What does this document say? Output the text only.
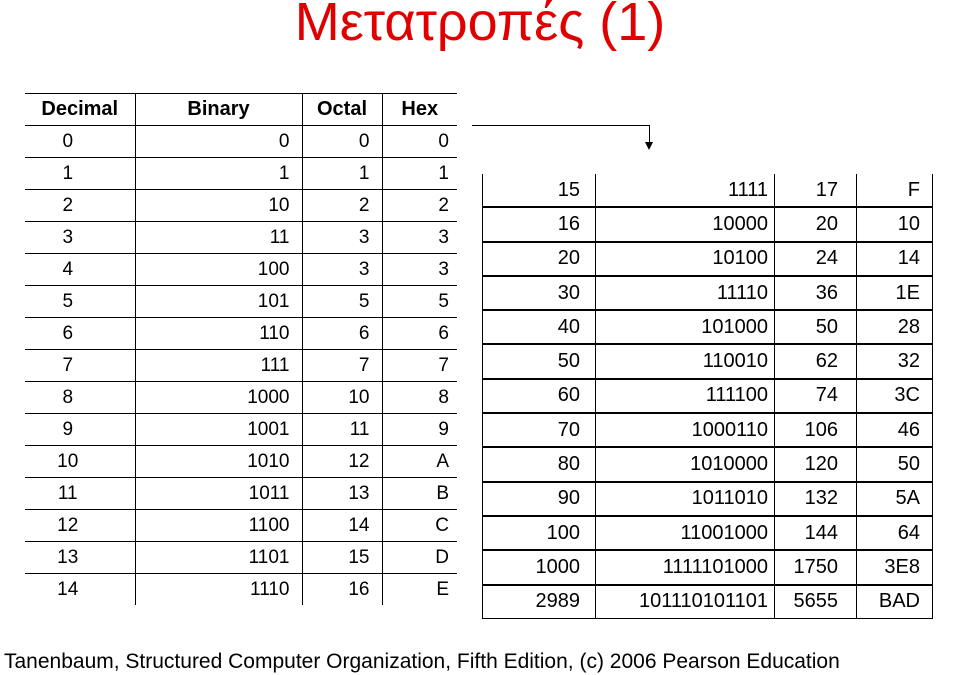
Μετατροπές (1)
Decimal	Binary	Octal	Hex
0	0	0	0
1	1	1	1
2	10	2	2
3	11	3	3
4	100	3	3
5	101	5	5
6	110	6	6
7	111	7	7
8	1000	10	8
9	1001	11	9
10	1010	12	A
11	1011	13	B
12	1100	14	C
13	1101	15	D
14	1110	16	E
15	1111	17	F
16	10000	20	10
20	10100	24	14
30	11110	36	1E
40	101000	50	28
50	110010	62	32
60	111100	74	3C
70	1000110	106	46
80	1010000	120	50
90	1011010	132	5A
100	11001000	144	64
1000	1111101000	1750	3E8
2989	101110101101	5655	BAD
Tanenbaum, Structured Computer Organization, Fifth Edition, (c) 2006 Pearson Education
